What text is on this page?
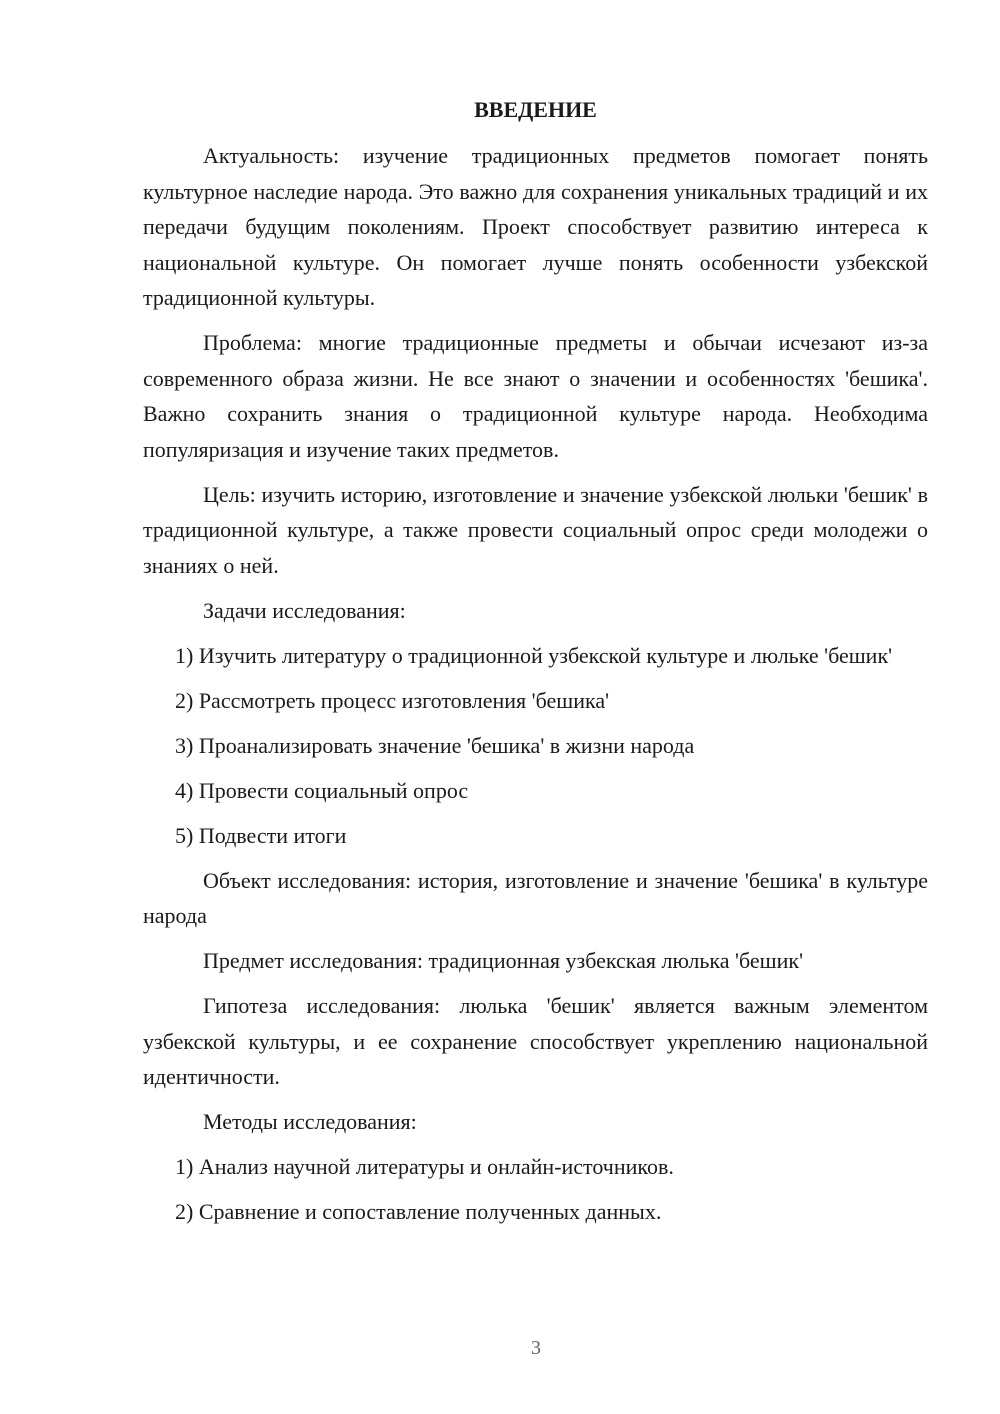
ВВЕДЕНИЕ

Актуальность: изучение традиционных предметов помогает понять культурное наследие народа. Это важно для сохранения уникальных традиций и их передачи будущим поколениям. Проект способствует развитию интереса к национальной культуре. Он помогает лучше понять особенности узбекской традиционной культуры.

Проблема: многие традиционные предметы и обычаи исчезают из-за современного образа жизни. Не все знают о значении и особенностях 'бешика'. Важно сохранить знания о традиционной культуре народа. Необходима популяризация и изучение таких предметов.

Цель: изучить историю, изготовление и значение узбекской люльки 'бешик' в традиционной культуре, а также провести социальный опрос среди молодежи о знаниях о ней.

Задачи исследования:

1) Изучить литературу о традиционной узбекской культуре и люльке 'бешик'

2) Рассмотреть процесс изготовления 'бешика'

3) Проанализировать значение 'бешика' в жизни народа

4) Провести социальный опрос

5) Подвести итоги

Объект исследования: история, изготовление и значение 'бешика' в культуре народа

Предмет исследования: традиционная узбекская люлька 'бешик'

Гипотеза исследования: люлька 'бешик' является важным элементом узбекской культуры, и ее сохранение способствует укреплению национальной идентичности.

Методы исследования:

1) Анализ научной литературы и онлайн-источников.

2) Сравнение и сопоставление полученных данных.

3
